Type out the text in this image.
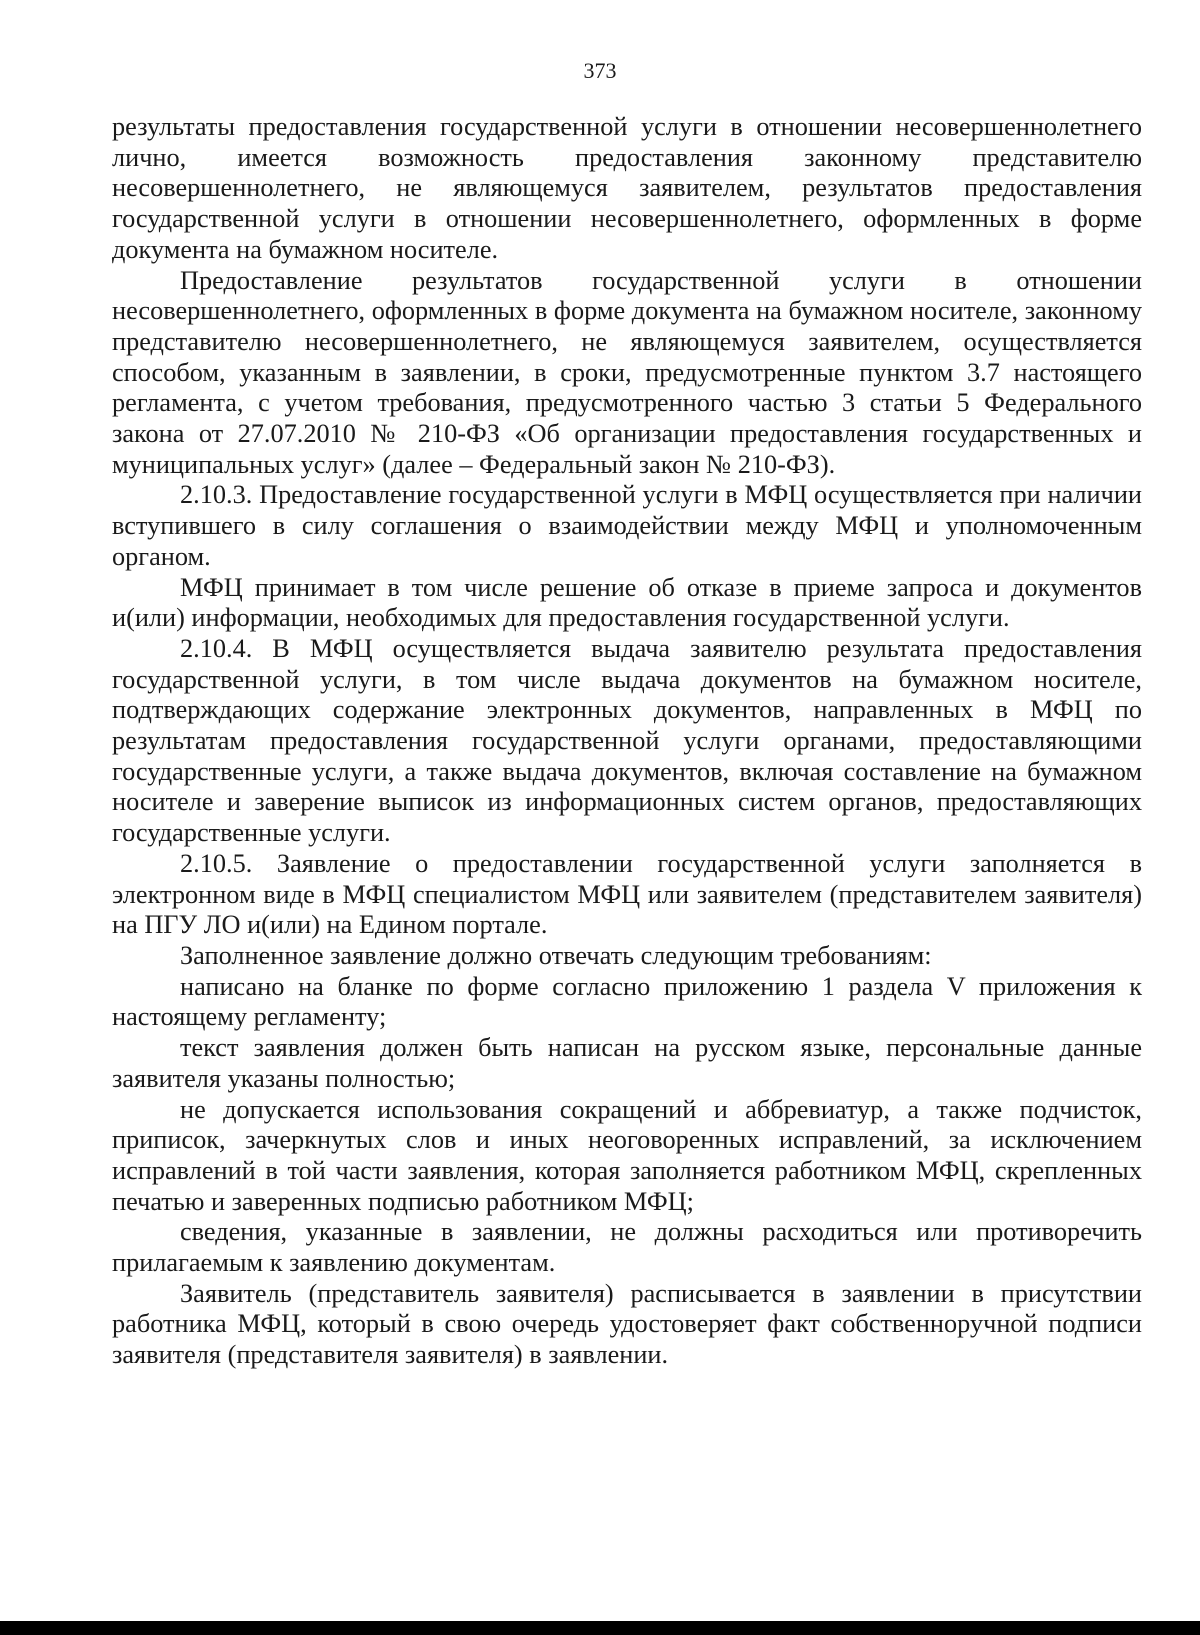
373

результаты предоставления государственной услуги в отношении несовершеннолетнего лично, имеется возможность предоставления законному представителю несовершеннолетнего, не являющемуся заявителем, результатов предоставления государственной услуги в отношении несовершеннолетнего, оформленных в форме документа на бумажном носителе.

Предоставление результатов государственной услуги в отношении несовершеннолетнего, оформленных в форме документа на бумажном носителе, законному представителю несовершеннолетнего, не являющемуся заявителем, осуществляется способом, указанным в заявлении, в сроки, предусмотренные пунктом 3.7 настоящего регламента, с учетом требования, предусмотренного частью 3 статьи 5 Федерального закона от 27.07.2010 № 210-ФЗ «Об организации предоставления государственных и муниципальных услуг» (далее – Федеральный закон № 210-ФЗ).

2.10.3. Предоставление государственной услуги в МФЦ осуществляется при наличии вступившего в силу соглашения о взаимодействии между МФЦ и уполномоченным органом.

МФЦ принимает в том числе решение об отказе в приеме запроса и документов и(или) информации, необходимых для предоставления государственной услуги.

2.10.4. В МФЦ осуществляется выдача заявителю результата предоставления государственной услуги, в том числе выдача документов на бумажном носителе, подтверждающих содержание электронных документов, направленных в МФЦ по результатам предоставления государственной услуги органами, предоставляющими государственные услуги, а также выдача документов, включая составление на бумажном носителе и заверение выписок из информационных систем органов, предоставляющих государственные услуги.

2.10.5. Заявление о предоставлении государственной услуги заполняется в электронном виде в МФЦ специалистом МФЦ или заявителем (представителем заявителя) на ПГУ ЛО и(или) на Едином портале.

Заполненное заявление должно отвечать следующим требованиям:

написано на бланке по форме согласно приложению 1 раздела V приложения к настоящему регламенту;

текст заявления должен быть написан на русском языке, персональные данные заявителя указаны полностью;

не допускается использования сокращений и аббревиатур, а также подчисток, приписок, зачеркнутых слов и иных неоговоренных исправлений, за исключением исправлений в той части заявления, которая заполняется работником МФЦ, скрепленных печатью и заверенных подписью работником МФЦ;

сведения, указанные в заявлении, не должны расходиться или противоречить прилагаемым к заявлению документам.

Заявитель (представитель заявителя) расписывается в заявлении в присутствии работника МФЦ, который в свою очередь удостоверяет факт собственноручной подписи заявителя (представителя заявителя) в заявлении.
